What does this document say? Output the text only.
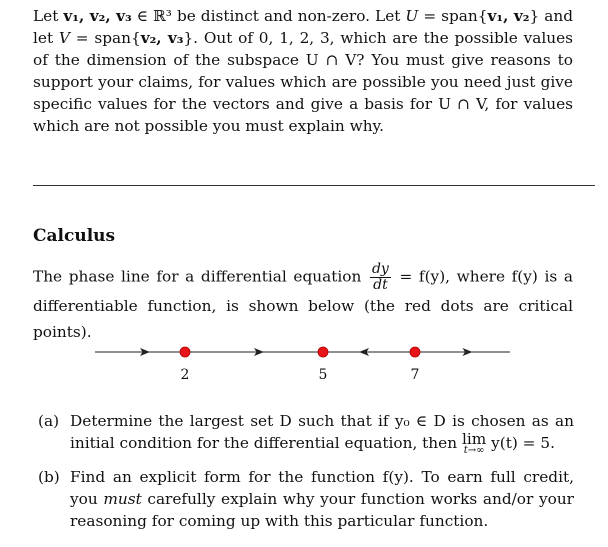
Let v₁, v₂, v₃ ∈ ℝ³ be distinct and non-zero. Let U = span{v₁, v₂} and let V = span{v₂, v₃}. Out of 0, 1, 2, 3, which are the possible values of the dimension of the subspace U ∩ V? You must give reasons to support your claims, for values which are possible you need just give specific values for the vectors and give a basis for U ∩ V, for values which are not possible you must explain why.

Calculus

The phase line for a differential equation $\frac{dy}{dt} = f(y)$, where f(y) is a differentiable function, is shown below (the red dots are critical points).

2	5	7
(a) Determine the largest set D such that if y₀ ∈ D is chosen as an initial condition for the differential equation, then lim
t→∞ y(t) = 5.
(b) Find an explicit form for the function f(y). To earn full credit, you must carefully explain why your function works and/or your reasoning for coming up with this particular function.
